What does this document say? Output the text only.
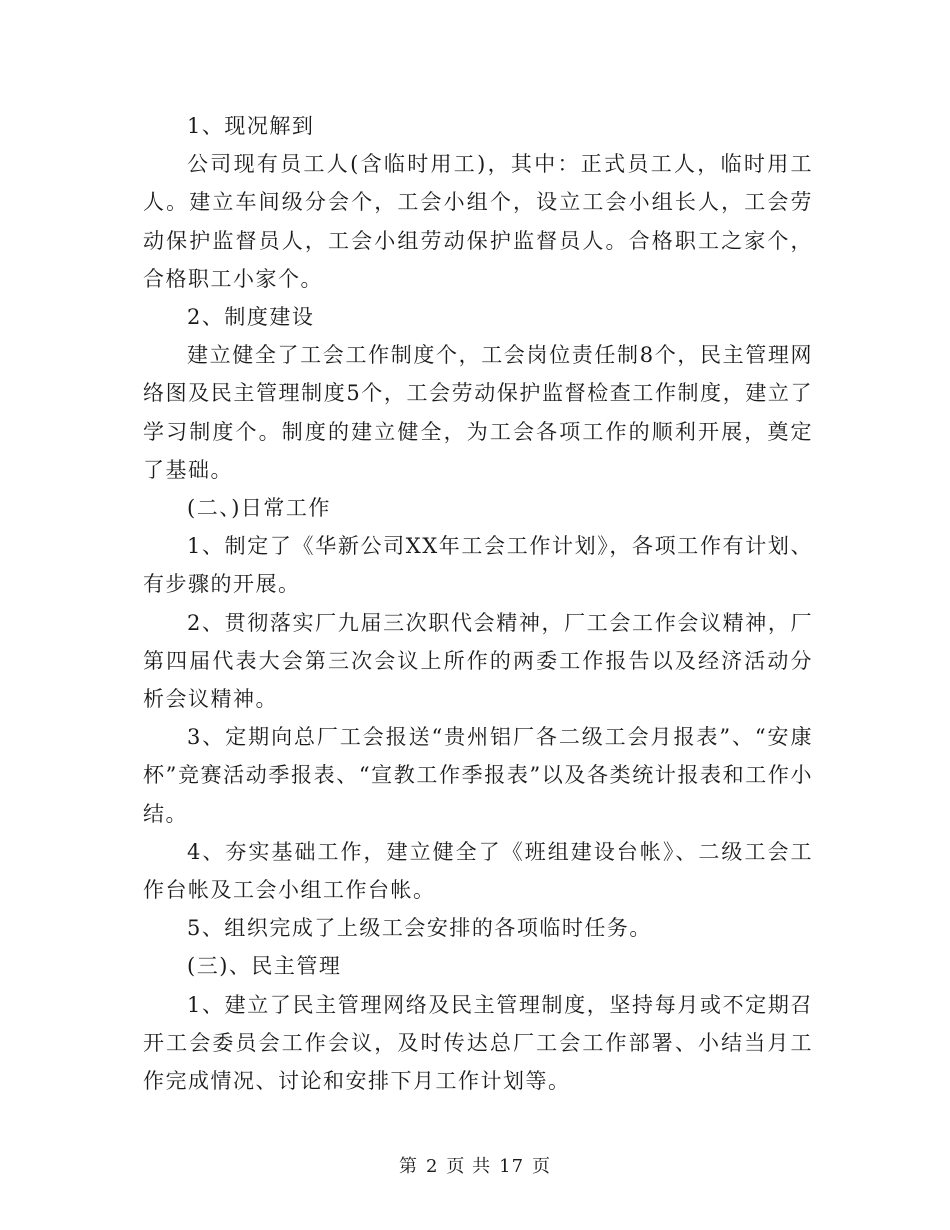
1、现况解到

公司现有员工人(含临时用工)，其中：正式员工人，临时用工人。建立车间级分会个，工会小组个，设立工会小组长人，工会劳动保护监督员人，工会小组劳动保护监督员人。合格职工之家个，合格职工小家个。

2、制度建设

建立健全了工会工作制度个，工会岗位责任制8个，民主管理网络图及民主管理制度5个，工会劳动保护监督检查工作制度，建立了学习制度个。制度的建立健全，为工会各项工作的顺利开展，奠定了基础。

(二、)日常工作

1、制定了《华新公司XX年工会工作计划》，各项工作有计划、有步骤的开展。

2、贯彻落实厂九届三次职代会精神，厂工会工作会议精神，厂第四届代表大会第三次会议上所作的两委工作报告以及经济活动分析会议精神。

3、定期向总厂工会报送“贵州铝厂各二级工会月报表”、“安康杯”竞赛活动季报表、“宣教工作季报表”以及各类统计报表和工作小结。

4、夯实基础工作，建立健全了《班组建设台帐》、二级工会工作台帐及工会小组工作台帐。

5、组织完成了上级工会安排的各项临时任务。

(三)、民主管理

1、建立了民主管理网络及民主管理制度，坚持每月或不定期召开工会委员会工作会议，及时传达总厂工会工作部署、小结当月工作完成情况、讨论和安排下月工作计划等。

第 2 页 共 17 页
